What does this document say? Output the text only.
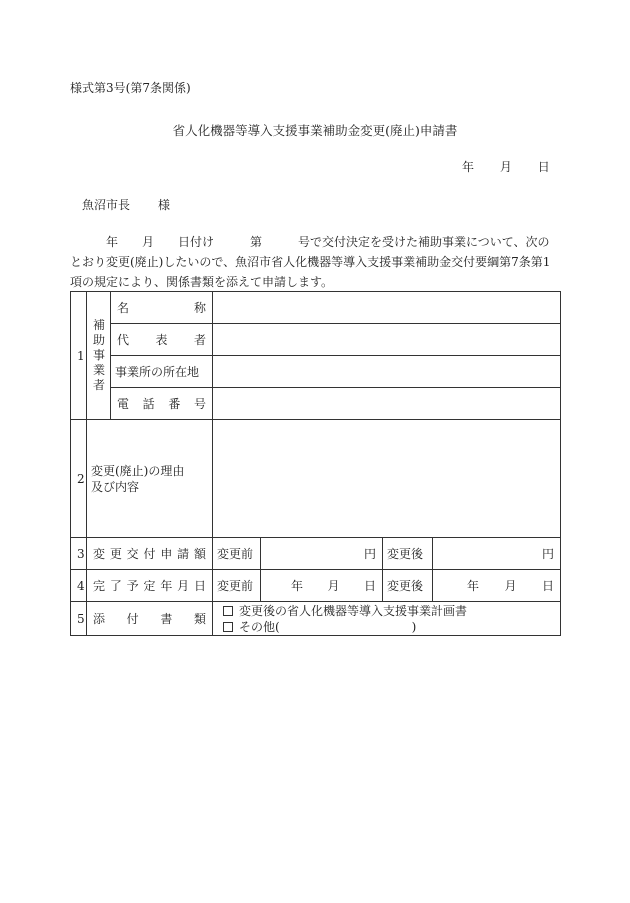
様式第3号(第7条関係)
省人化機器等導入支援事業補助金変更(廃止)申請書
年 月 日
魚沼市長 様

年　　月　　日付け　　　第　　　号で交付決定を受けた補助事業について、次の

とおり変更(廃止)したいので、魚沼市省人化機器等導入支援事業補助金交付要綱第7条第1

項の規定により、関係書類を添えて申請します。

1	補助事業者	名称				
		代表者				
		事業所の所在地				
		電話番号				
2	変更(廃止)の理由
及び内容					

3	変更交付申請額		変更前	円	変更後	円
4	完了予定年月日		変更前	年 月 日	変更後	年 月 日

5	添付書類		変更後の省人化機器等導入支援事業計画書
その他(　　　　　　　　　　　)			
